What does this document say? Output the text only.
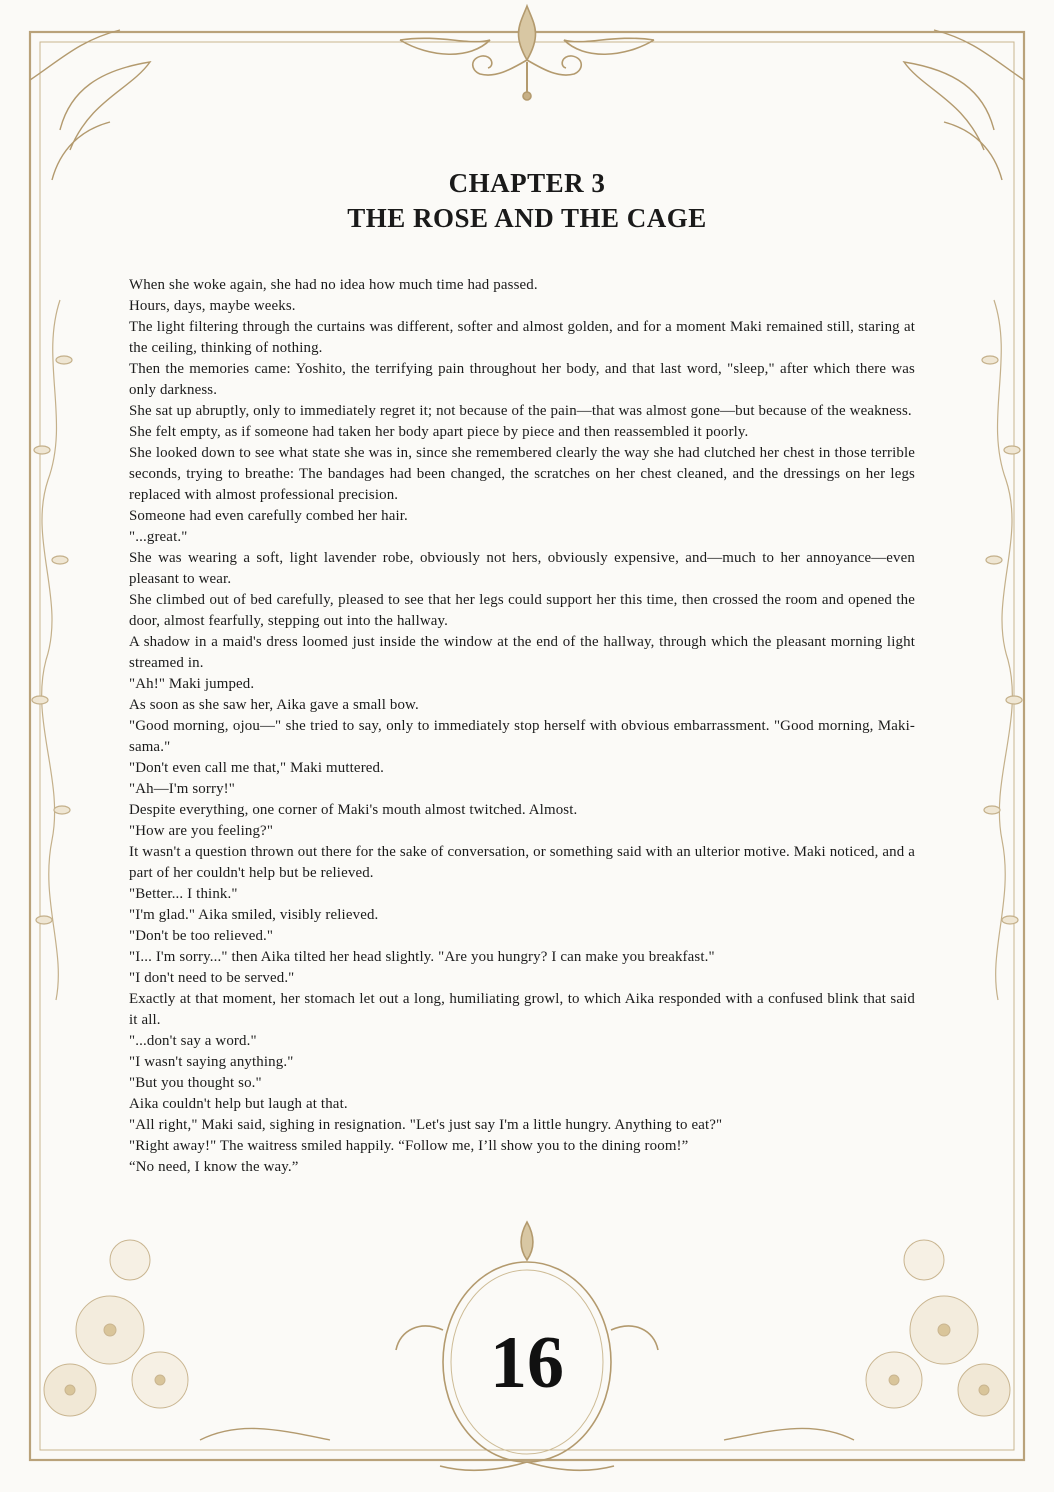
CHAPTER 3
THE ROSE AND THE CAGE

When she woke again, she had no idea how much time had passed.

Hours, days, maybe weeks.

The light filtering through the curtains was different, softer and almost golden, and for a moment Maki remained still, staring at the ceiling, thinking of nothing.

Then the memories came: Yoshito, the terrifying pain throughout her body, and that last word, "sleep," after which there was only darkness.

She sat up abruptly, only to immediately regret it; not because of the pain—that was almost gone—but because of the weakness.

She felt empty, as if someone had taken her body apart piece by piece and then reassembled it poorly.

She looked down to see what state she was in, since she remembered clearly the way she had clutched her chest in those terrible seconds, trying to breathe: The bandages had been changed, the scratches on her chest cleaned, and the dressings on her legs replaced with almost professional precision.

Someone had even carefully combed her hair.

"...great."

She was wearing a soft, light lavender robe, obviously not hers, obviously expensive, and—much to her annoyance—even pleasant to wear.

She climbed out of bed carefully, pleased to see that her legs could support her this time, then crossed the room and opened the door, almost fearfully, stepping out into the hallway.

A shadow in a maid's dress loomed just inside the window at the end of the hallway, through which the pleasant morning light streamed in.

"Ah!" Maki jumped.

As soon as she saw her, Aika gave a small bow.

"Good morning, ojou—" she tried to say, only to immediately stop herself with obvious embarrassment. "Good morning, Maki-sama."

"Don't even call me that," Maki muttered.

"Ah—I'm sorry!"

Despite everything, one corner of Maki's mouth almost twitched. Almost.

"How are you feeling?"

It wasn't a question thrown out there for the sake of conversation, or something said with an ulterior motive. Maki noticed, and a part of her couldn't help but be relieved.

"Better... I think."

"I'm glad." Aika smiled, visibly relieved.

"Don't be too relieved."

"I... I'm sorry..." then Aika tilted her head slightly. "Are you hungry? I can make you breakfast."

"I don't need to be served."

Exactly at that moment, her stomach let out a long, humiliating growl, to which Aika responded with a confused blink that said it all.

"...don't say a word."

"I wasn't saying anything."

"But you thought so."

Aika couldn't help but laugh at that.

"All right," Maki said, sighing in resignation. "Let's just say I'm a little hungry. Anything to eat?"

"Right away!" The waitress smiled happily. “Follow me, I’ll show you to the dining room!”

“No need, I know the way.”

16
